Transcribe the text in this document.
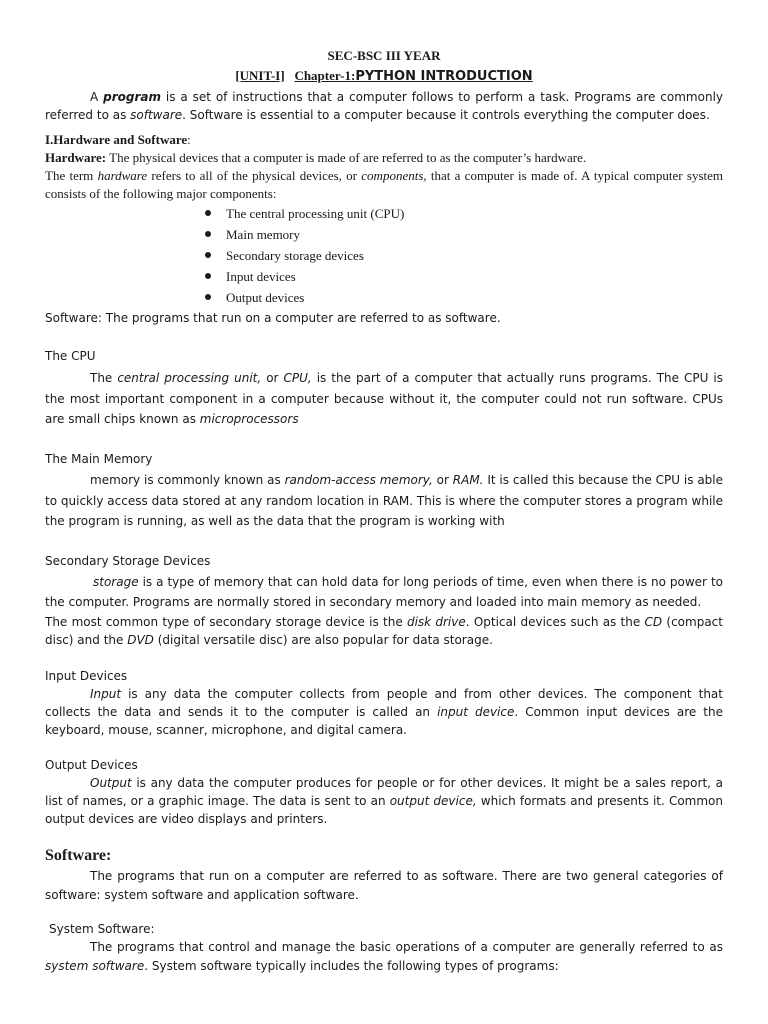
SEC-BSC III YEAR
[UNIT-I] Chapter-1:PYTHON INTRODUCTION
A program is a set of instructions that a computer follows to perform a task. Programs are commonly referred to as software. Software is essential to a computer because it controls everything the computer does.
I.Hardware and Software:
Hardware: The physical devices that a computer is made of are referred to as the computer’s hardware.
The term hardware refers to all of the physical devices, or components, that a computer is made of. A typical computer system consists of the following major components:
The central processing unit (CPU)
Main memory
Secondary storage devices
Input devices
Output devices
Software: The programs that run on a computer are referred to as software.
The CPU
The central processing unit, or CPU, is the part of a computer that actually runs programs. The CPU is the most important component in a computer because without it, the computer could not run software. CPUs are small chips known as microprocessors
The Main Memory
memory is commonly known as random-access memory, or RAM. It is called this because the CPU is able to quickly access data stored at any random location in RAM. This is where the computer stores a program while the program is running, as well as the data that the program is working with
Secondary Storage Devices
storage is a type of memory that can hold data for long periods of time, even when there is no power to the computer. Programs are normally stored in secondary memory and loaded into main memory as needed.
The most common type of secondary storage device is the disk drive. Optical devices such as the CD (compact disc) and the DVD (digital versatile disc) are also popular for data storage.
Input Devices
Input is any data the computer collects from people and from other devices. The component that collects the data and sends it to the computer is called an input device. Common input devices are the keyboard, mouse, scanner, microphone, and digital camera.
Output Devices
Output is any data the computer produces for people or for other devices. It might be a sales report, a list of names, or a graphic image. The data is sent to an output device, which formats and presents it. Common output devices are video displays and printers.
Software:
The programs that run on a computer are referred to as software. There are two general categories of software: system software and application software.
System Software:
The programs that control and manage the basic operations of a computer are generally referred to as system software. System software typically includes the following types of programs:
